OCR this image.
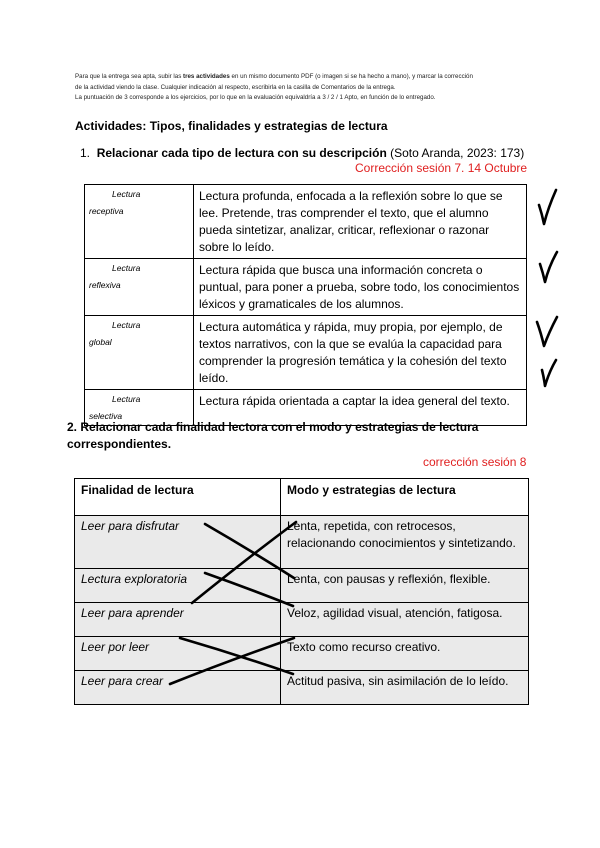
Para que la entrega sea apta, subir las tres actividades en un mismo documento PDF (o imagen si se ha hecho a mano), y marcar la corrección

de la actividad viendo la clase. Cualquier indicación al respecto, escribirla en la casilla de Comentarios de la entrega.

La puntuación de 3 corresponde a los ejercicios, por lo que en la evaluación equivaldría a 3 / 2 / 1 Apto, en función de lo entregado.

Actividades: Tipos, finalidades y estrategias de lectura
1. Relacionar cada tipo de lectura con su descripción (Soto Aranda, 2023: 173)
Corrección sesión 7. 14 Octubre
Lectura
receptiva	Lectura profunda, enfocada a la reflexión sobre lo que se lee. Pretende, tras comprender el texto, que el alumno pueda sintetizar, analizar, criticar, reflexionar o razonar sobre lo leído.

Lectura
reflexiva	Lectura rápida que busca una información concreta o puntual, para poner a prueba, sobre todo, los conocimientos léxicos y gramaticales de los alumnos.

Lectura
global	Lectura automática y rápida, muy propia, por ejemplo, de textos narrativos, con la que se evalúa la capacidad para comprender la progresión temática y la cohesión del texto leído.

Lectura
selectiva	Lectura rápida orientada a captar la idea general del texto.
2. Relacionar cada finalidad lectora con el modo y estrategias de lectura correspondientes.
corrección sesión 8
Finalidad de lectura	Modo y estrategias de lectura
Leer para disfrutar	Lenta, repetida, con retrocesos, relacionando conocimientos y sintetizando.
Lectura exploratoria	Lenta, con pausas y reflexión, flexible.
Leer para aprender	Veloz, agilidad visual, atención, fatigosa.
Leer por leer	Texto como recurso creativo.
Leer para crear	Actitud pasiva, sin asimilación de lo leído.
